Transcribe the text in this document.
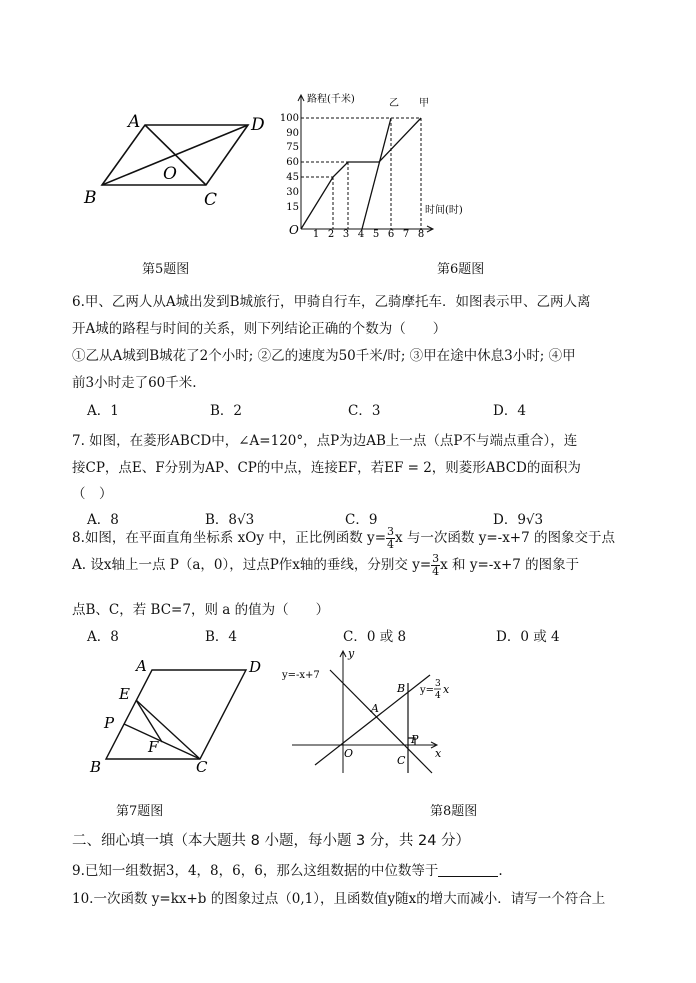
A	D
B	C
O
第5题图
路程(千米)
时间(时)
乙 甲
O
100
90
75
60
45
30
15
1 2 3 4 5 6 7 8
第6题图
6.甲、乙两人从A城出发到B城旅行，甲骑自行车，乙骑摩托车．如图表示甲、乙两人离
开A城的路程与时间的关系，则下列结论正确的个数为（　　）
①乙从A城到B城花了2个小时; ②乙的速度为50千米/时; ③甲在途中休息3小时; ④甲
前3小时走了60千米.
A．1	B．2	C．3	D．4
7. 如图，在菱形ABCD中，∠A=120°，点P为边AB上一点（点P不与端点重合），连
接CP，点E、F分别为AP、CP的中点，连接EF，若EF = 2，则菱形ABCD的面积为
（　）
A．8	B．8√3	C．9	D．9√3
8.如图，在平面直角坐标系 xOy 中，正比例函数 $y= \frac{3}{4}$ x 与一次函数 y=-x+7 的图象交于点
A. 设x轴上一点 P（a，0），过点P作x轴的垂线，分别交 $y= \frac{3}{4}$ x 和 y=-x+7 的图象于
点B、C，若 BC=7，则 a 的值为（　　）
A．8	B．4	C．0 或 8	D．0 或 4
A	D
E
P
F
B	C
第7题图
y=-x+7
y=
3
4 x
y
x
O
A
B
C
P
第8题图
二、细心填一填（本大题共 8 小题，每小题 3 分，共 24 分）
9.已知一组数据3，4，8，6，6，那么这组数据的中位数等于	.
10.一次函数 y=kx+b 的图象过点（0,1），且函数值y随x的增大而减小．请写一个符合上
